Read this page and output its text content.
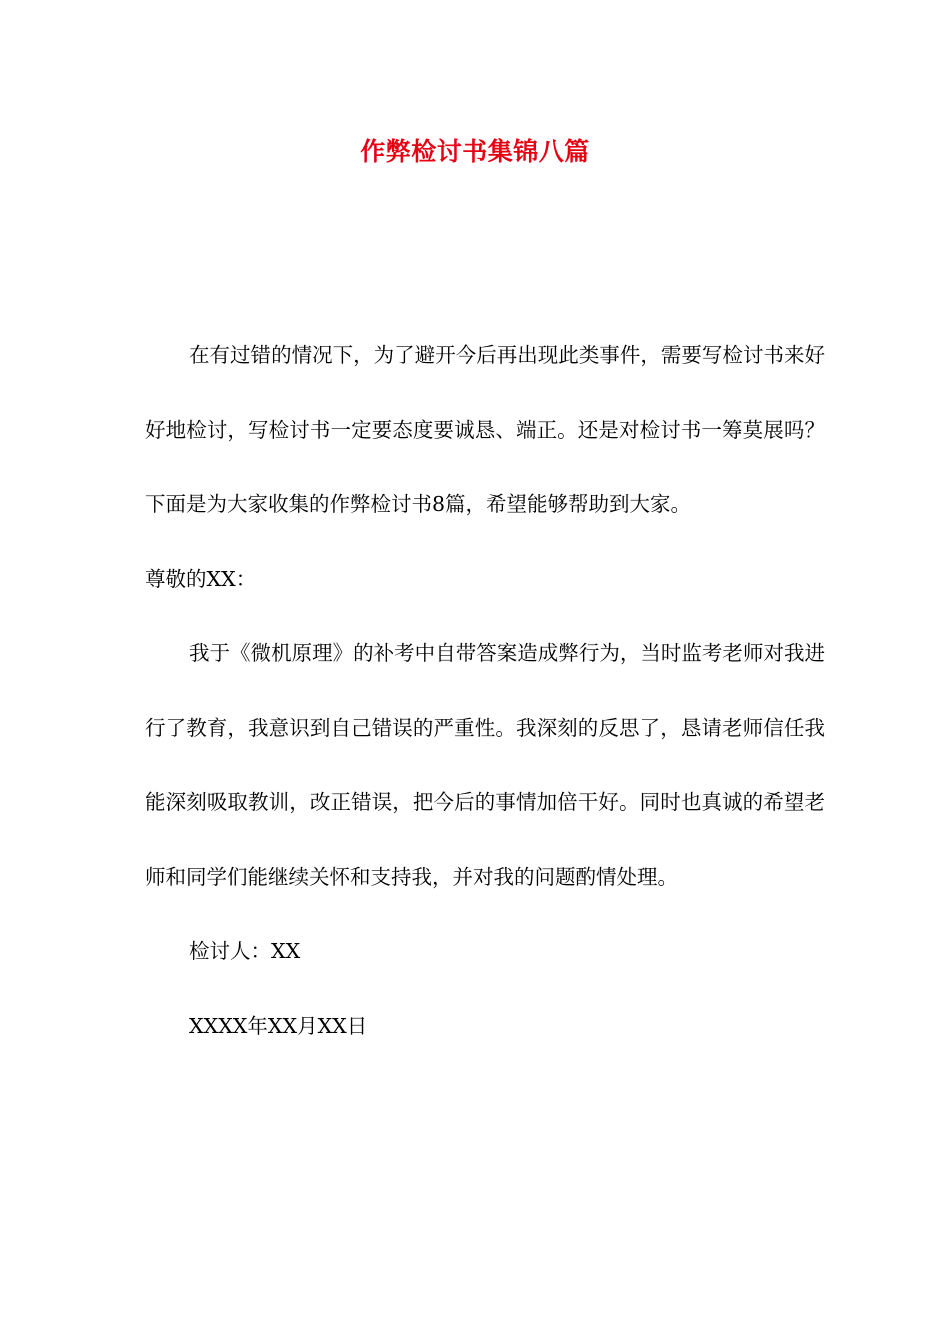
作弊检讨书集锦八篇

在有过错的情况下，为了避开今后再出现此类事件，需要写检讨书来好好地检讨，写检讨书一定要态度要诚恳、端正。还是对检讨书一筹莫展吗？下面是为大家收集的作弊检讨书8篇，希望能够帮助到大家。

尊敬的XX：

我于《微机原理》的补考中自带答案造成弊行为，当时监考老师对我进行了教育，我意识到自己错误的严重性。我深刻的反思了，恳请老师信任我能深刻吸取教训，改正错误，把今后的事情加倍干好。同时也真诚的希望老师和同学们能继续关怀和支持我，并对我的问题酌情处理。

检讨人：XX

XXXX年XX月XX日
